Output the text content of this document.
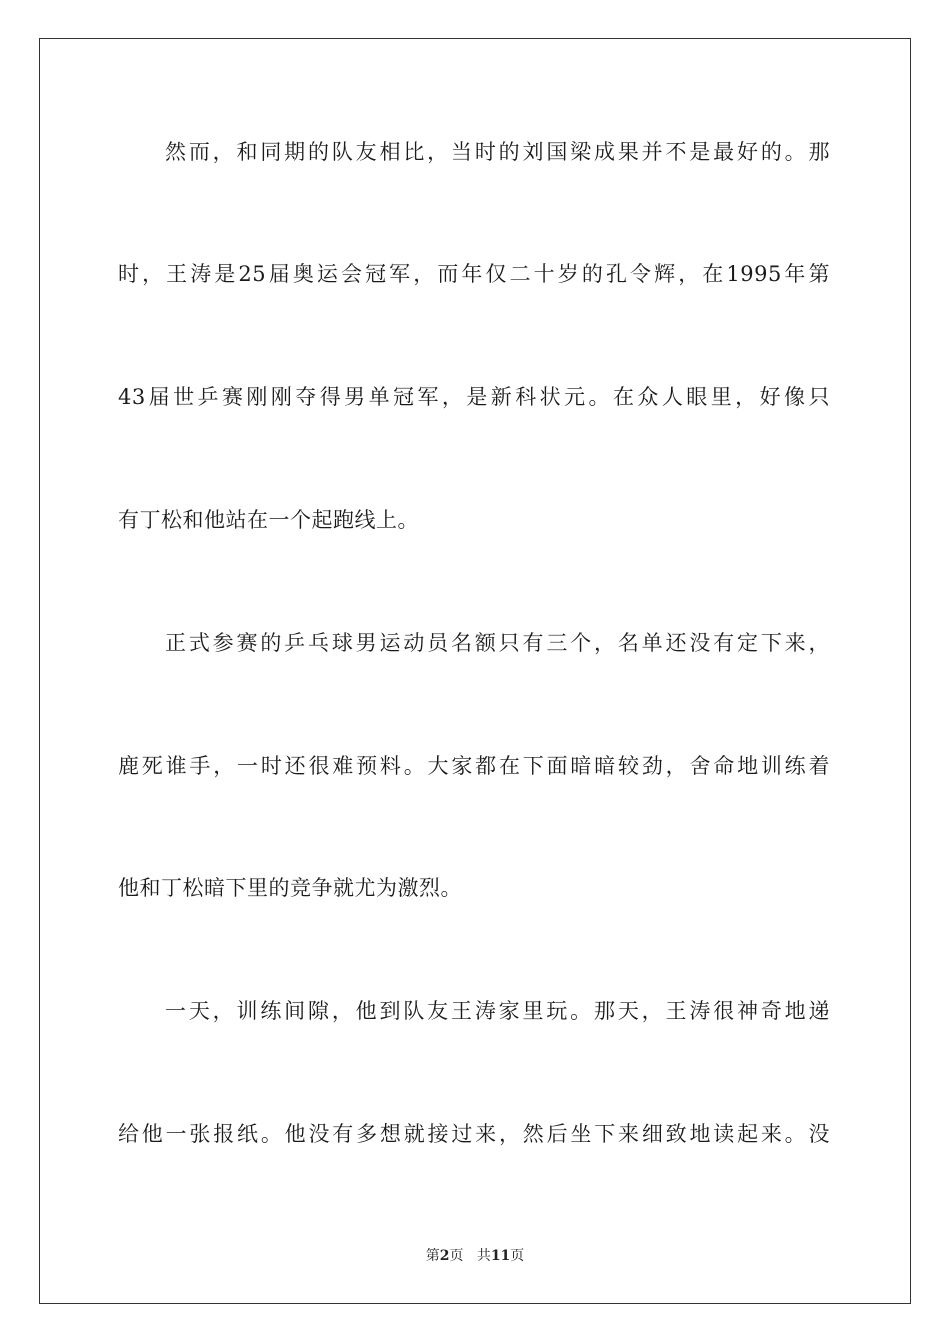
然而，和同期的队友相比，当时的刘国梁成果并不是最好的。那
时，王涛是25届奥运会冠军，而年仅二十岁的孔令辉，在1995年第
43届世乒赛刚刚夺得男单冠军，是新科状元。在众人眼里，好像只
有丁松和他站在一个起跑线上。
正式参赛的乒乓球男运动员名额只有三个，名单还没有定下来，
鹿死谁手，一时还很难预料。大家都在下面暗暗较劲，舍命地训练着
他和丁松暗下里的竞争就尤为激烈。
一天，训练间隙，他到队友王涛家里玩。那天，王涛很神奇地递
给他一张报纸。他没有多想就接过来，然后坐下来细致地读起来。没
第2页 共11页
